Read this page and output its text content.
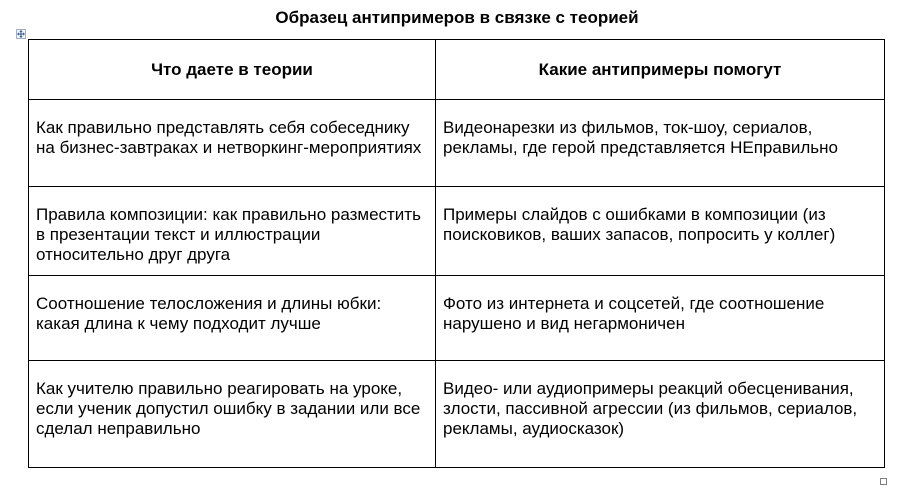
Образец антипримеров в связке с теорией
Что даете в теории	Какие антипримеры помогут
Как правильно представлять себя собеседнику на бизнес-завтраках и нетворкинг-мероприятиях	Видеонарезки из фильмов, ток-шоу, сериалов, рекламы, где герой представляется НЕправильно
Правила композиции: как правильно разместить в презентации текст и иллюстрации относительно друг друга	Примеры слайдов с ошибками в композиции (из поисковиков, ваших запасов, попросить у коллег)
Соотношение телосложения и длины юбки: какая длина к чему подходит лучше	Фото из интернета и соцсетей, где соотношение нарушено и вид негармоничен
Как учителю правильно реагировать на уроке, если ученик допустил ошибку в задании или все сделал неправильно	Видео- или аудиопримеры реакций обесценивания, злости, пассивной агрессии (из фильмов, сериалов, рекламы, аудиосказок)
